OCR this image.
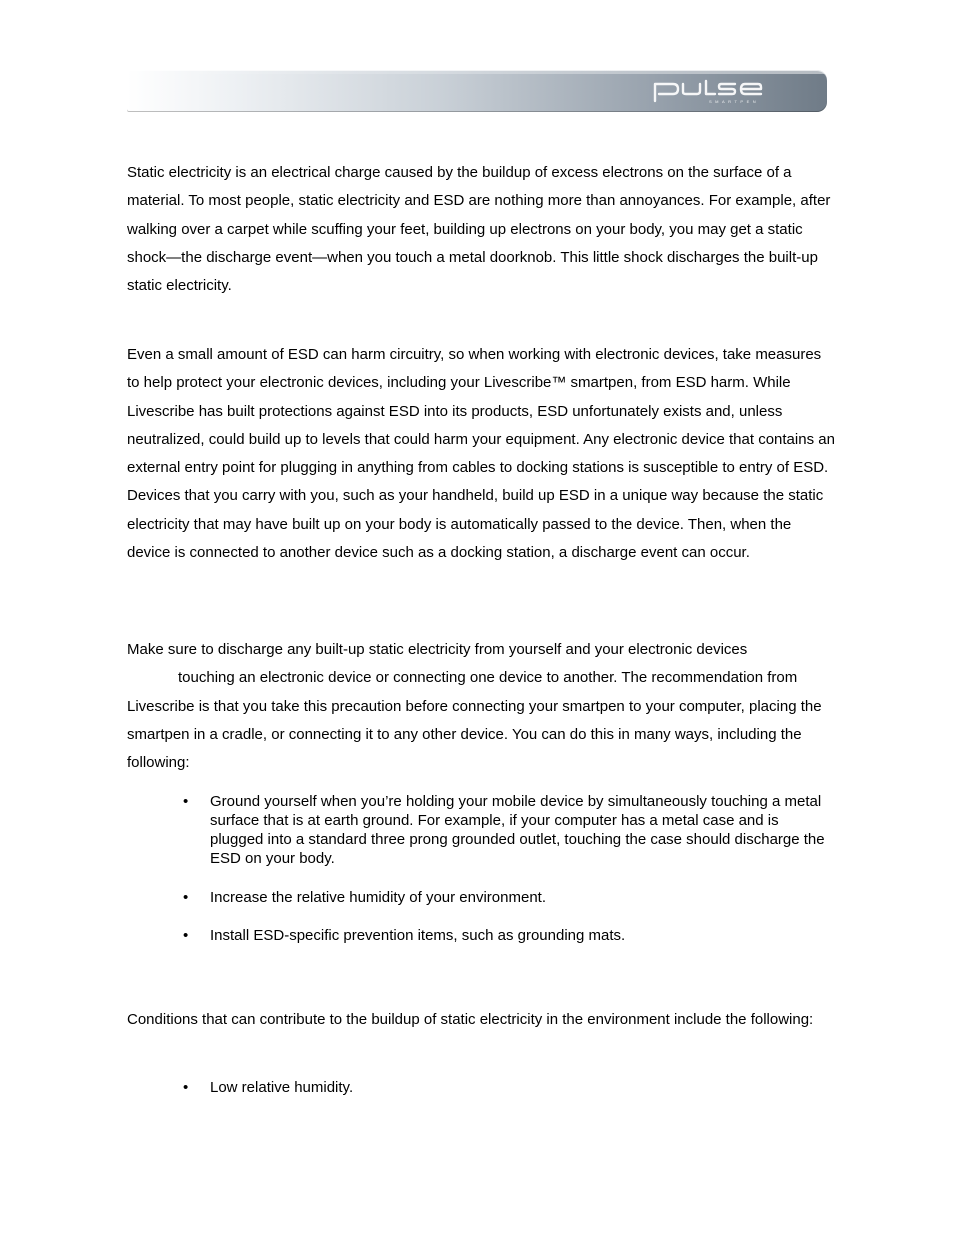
SMARTPEN

Static electricity is an electrical charge caused by the buildup of excess electrons on the surface of a material. To most people, static electricity and ESD are nothing more than annoyances. For example, after walking over a carpet while scuffing your feet, building up electrons on your body, you may get a static shock—the discharge event—when you touch a metal doorknob. This little shock discharges the built-up static electricity.

Even a small amount of ESD can harm circuitry, so when working with electronic devices, take measures to help protect your electronic devices, including your Livescribe™ smartpen, from ESD harm. While Livescribe has built protections against ESD into its products, ESD unfortunately exists and, unless neutralized, could build up to levels that could harm your equipment. Any electronic device that contains an external entry point for plugging in anything from cables to docking stations is susceptible to entry of ESD. Devices that you carry with you, such as your handheld, build up ESD in a unique way because the static electricity that may have built up on your body is automatically passed to the device. Then, when the device is connected to another device such as a docking station, a discharge event can occur.

Make sure to discharge any built-up static electricity from yourself and your electronic devices
touching an electronic device or connecting one device to another. The recommendation from Livescribe is that you take this precaution before connecting your smartpen to your computer, placing the smartpen in a cradle, or connecting it to any other device. You can do this in many ways, including the following:

• Ground yourself when you’re holding your mobile device by simultaneously touching a metal surface that is at earth ground. For example, if your computer has a metal case and is plugged into a standard three prong grounded outlet, touching the case should discharge the ESD on your body.
• Increase the relative humidity of your environment.
• Install ESD-specific prevention items, such as grounding mats.

Conditions that can contribute to the buildup of static electricity in the environment include the following:

• Low relative humidity.
